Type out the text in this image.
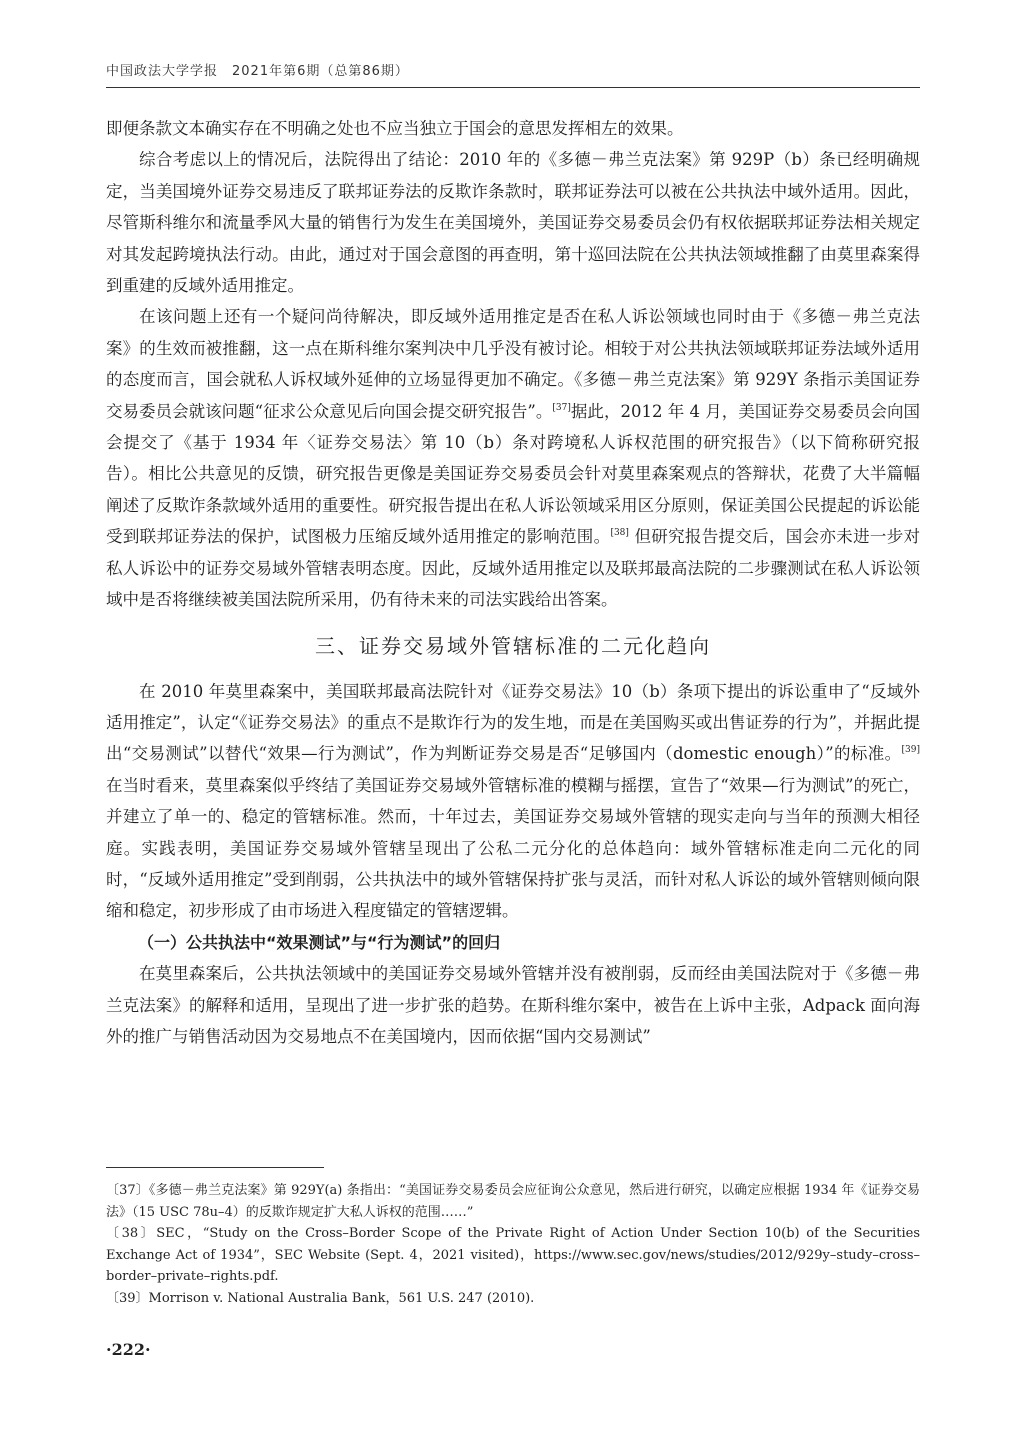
中国政法大学学报　2021年第6期（总第86期）

即便条款文本确实存在不明确之处也不应当独立于国会的意思发挥相左的效果。

综合考虑以上的情况后，法院得出了结论：2010 年的《多德－弗兰克法案》第 929P（b）条已经明确规定，当美国境外证券交易违反了联邦证券法的反欺诈条款时，联邦证券法可以被在公共执法中域外适用。因此，尽管斯科维尔和流量季风大量的销售行为发生在美国境外，美国证券交易委员会仍有权依据联邦证券法相关规定对其发起跨境执法行动。由此，通过对于国会意图的再查明，第十巡回法院在公共执法领域推翻了由莫里森案得到重建的反域外适用推定。

在该问题上还有一个疑问尚待解决，即反域外适用推定是否在私人诉讼领域也同时由于《多德－弗兰克法案》的生效而被推翻，这一点在斯科维尔案判决中几乎没有被讨论。相较于对公共执法领域联邦证券法域外适用的态度而言，国会就私人诉权域外延伸的立场显得更加不确定。《多德－弗兰克法案》第 929Y 条指示美国证券交易委员会就该问题“征求公众意见后向国会提交研究报告”。[37]据此，2012 年 4 月，美国证券交易委员会向国会提交了《基于 1934 年〈证券交易法〉第 10（b）条对跨境私人诉权范围的研究报告》（以下简称研究报告）。相比公共意见的反馈，研究报告更像是美国证券交易委员会针对莫里森案观点的答辩状，花费了大半篇幅阐述了反欺诈条款域外适用的重要性。研究报告提出在私人诉讼领域采用区分原则，保证美国公民提起的诉讼能受到联邦证券法的保护，试图极力压缩反域外适用推定的影响范围。[38] 但研究报告提交后，国会亦未进一步对私人诉讼中的证券交易域外管辖表明态度。因此，反域外适用推定以及联邦最高法院的二步骤测试在私人诉讼领域中是否将继续被美国法院所采用，仍有待未来的司法实践给出答案。

三、证券交易域外管辖标准的二元化趋向

在 2010 年莫里森案中，美国联邦最高法院针对《证券交易法》10（b）条项下提出的诉讼重申了“反域外适用推定”，认定“《证券交易法》的重点不是欺诈行为的发生地，而是在美国购买或出售证券的行为”，并据此提出“交易测试”以替代“效果—行为测试”，作为判断证券交易是否“足够国内（domestic enough）”的标准。[39] 在当时看来，莫里森案似乎终结了美国证券交易域外管辖标准的模糊与摇摆，宣告了“效果—行为测试”的死亡，并建立了单一的、稳定的管辖标准。然而，十年过去，美国证券交易域外管辖的现实走向与当年的预测大相径庭。实践表明，美国证券交易域外管辖呈现出了公私二元分化的总体趋向：域外管辖标准走向二元化的同时，“反域外适用推定”受到削弱，公共执法中的域外管辖保持扩张与灵活，而针对私人诉讼的域外管辖则倾向限缩和稳定，初步形成了由市场进入程度锚定的管辖逻辑。

（一）公共执法中“效果测试”与“行为测试”的回归

在莫里森案后，公共执法领域中的美国证券交易域外管辖并没有被削弱，反而经由美国法院对于《多德－弗兰克法案》的解释和适用，呈现出了进一步扩张的趋势。在斯科维尔案中，被告在上诉中主张，Adpack 面向海外的推广与销售活动因为交易地点不在美国境内，因而依据“国内交易测试”

〔37〕《多德－弗兰克法案》第 929Y(a) 条指出：“美国证券交易委员会应征询公众意见，然后进行研究，以确定应根据 1934 年《证券交易法》（15 USC 78u–4）的反欺诈规定扩大私人诉权的范围……”

〔38〕SEC，“Study on the Cross–Border Scope of the Private Right of Action Under Section 10(b) of the Securities Exchange Act of 1934”，SEC Website (Sept. 4，2021 visited)，https://www.sec.gov/news/studies/2012/929y–study–cross–border–private–rights.pdf.

〔39〕Morrison v. National Australia Bank，561 U.S. 247 (2010).

·222·
